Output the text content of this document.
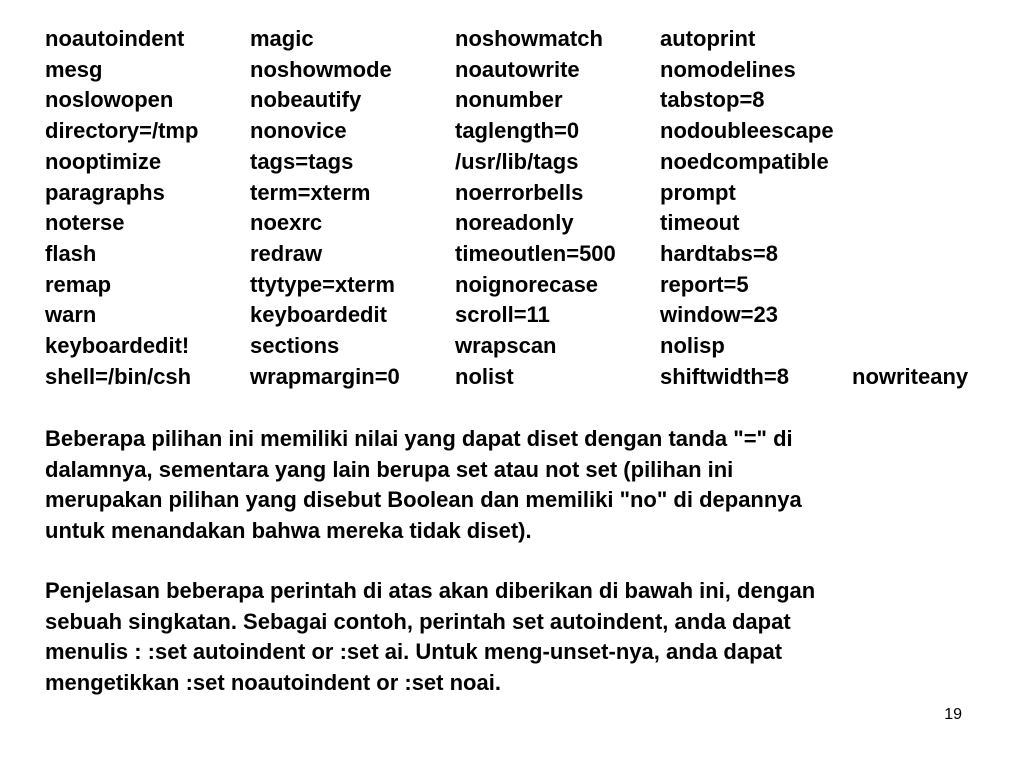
noautoindent	magic	noshowmatch	autoprint	
mesg	noshowmode	noautowrite	nomodelines	
noslowopen	nobeautify	nonumber	tabstop=8	
directory=/tmp	nonovice	taglength=0	nodoubleescape	
nooptimize	tags=tags	/usr/lib/tags	noedcompatible	
paragraphs	term=xterm	noerrorbells	prompt	
noterse	noexrc	noreadonly	timeout	
flash	redraw	timeoutlen=500	hardtabs=8	
remap	ttytype=xterm	noignorecase	report=5	
warn	keyboardedit	scroll=11	window=23	
keyboardedit!	sections	wrapscan	nolisp	
shell=/bin/csh	wrapmargin=0	nolist	shiftwidth=8	nowriteany
Beberapa pilihan ini memiliki nilai yang dapat diset dengan tanda "=" di
dalamnya, sementara yang lain berupa set atau not set (pilihan ini
merupakan pilihan yang disebut Boolean dan memiliki "no" di depannya
untuk menandakan bahwa mereka tidak diset).
Penjelasan beberapa perintah di atas akan diberikan di bawah ini, dengan
sebuah singkatan. Sebagai contoh, perintah set autoindent, anda dapat
menulis : :set autoindent or :set ai. Untuk meng-unset-nya, anda dapat
mengetikkan :set noautoindent or :set noai.
19
